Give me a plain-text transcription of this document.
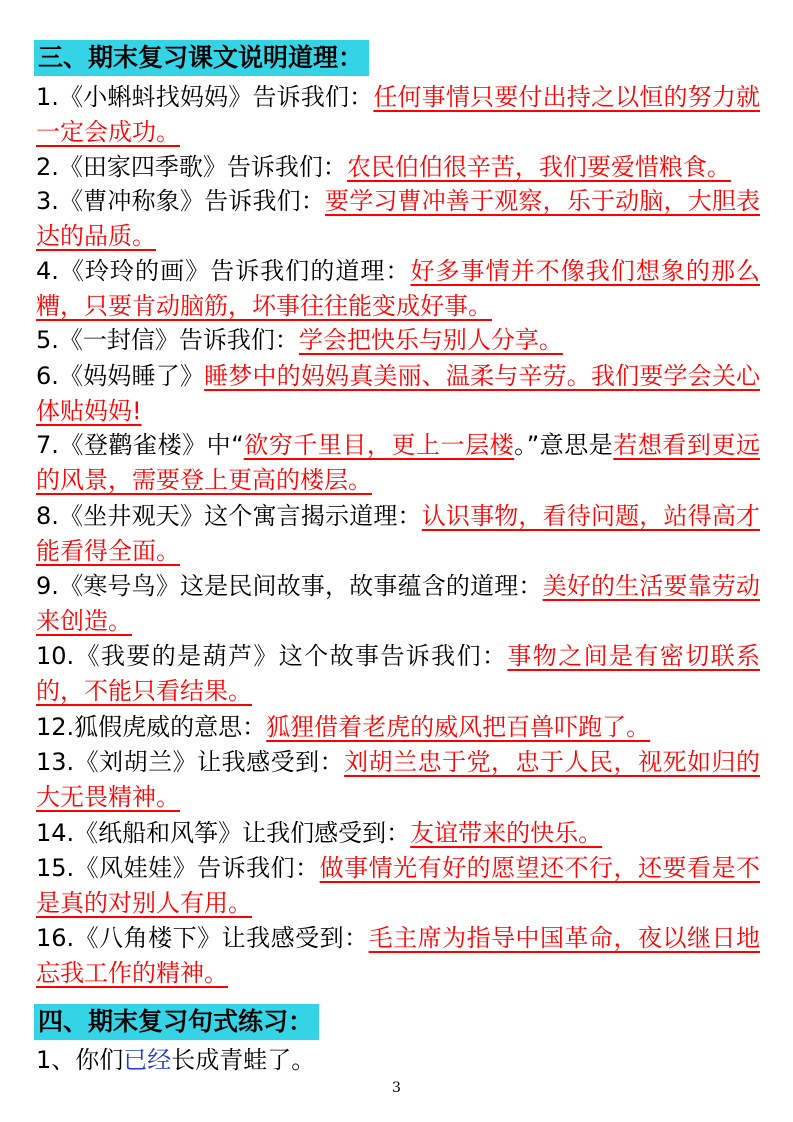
三、期末复习课文说明道理：
1.《小蝌蚪找妈妈》告诉我们：任何事情只要付出持之以恒的努力就一定会成功。
2.《田家四季歌》告诉我们：农民伯伯很辛苦，我们要爱惜粮食。
3.《曹冲称象》告诉我们：要学习曹冲善于观察，乐于动脑，大胆表达的品质。
4.《玲玲的画》告诉我们的道理：好多事情并不像我们想象的那么糟，只要肯动脑筋，坏事往往能变成好事。
5.《一封信》告诉我们：学会把快乐与别人分享。
6.《妈妈睡了》睡梦中的妈妈真美丽、温柔与辛劳。我们要学会关心体贴妈妈!
7.《登鹳雀楼》中“欲穷千里目，更上一层楼。”意思是若想看到更远的风景，需要登上更高的楼层。
8.《坐井观天》这个寓言揭示道理：认识事物，看待问题，站得高才能看得全面。
9.《寒号鸟》这是民间故事，故事蕴含的道理：美好的生活要靠劳动来创造。
10.《我要的是葫芦》这个故事告诉我们：事物之间是有密切联系的，不能只看结果。
12.狐假虎威的意思：狐狸借着老虎的威风把百兽吓跑了。
13.《刘胡兰》让我感受到：刘胡兰忠于党，忠于人民，视死如归的大无畏精神。
14.《纸船和风筝》让我们感受到：友谊带来的快乐。
15.《风娃娃》告诉我们：做事情光有好的愿望还不行，还要看是不是真的对别人有用。
16.《八角楼下》让我感受到：毛主席为指导中国革命，夜以继日地忘我工作的精神。
四、期末复习句式练习：
1、你们已经长成青蛙了。
3
